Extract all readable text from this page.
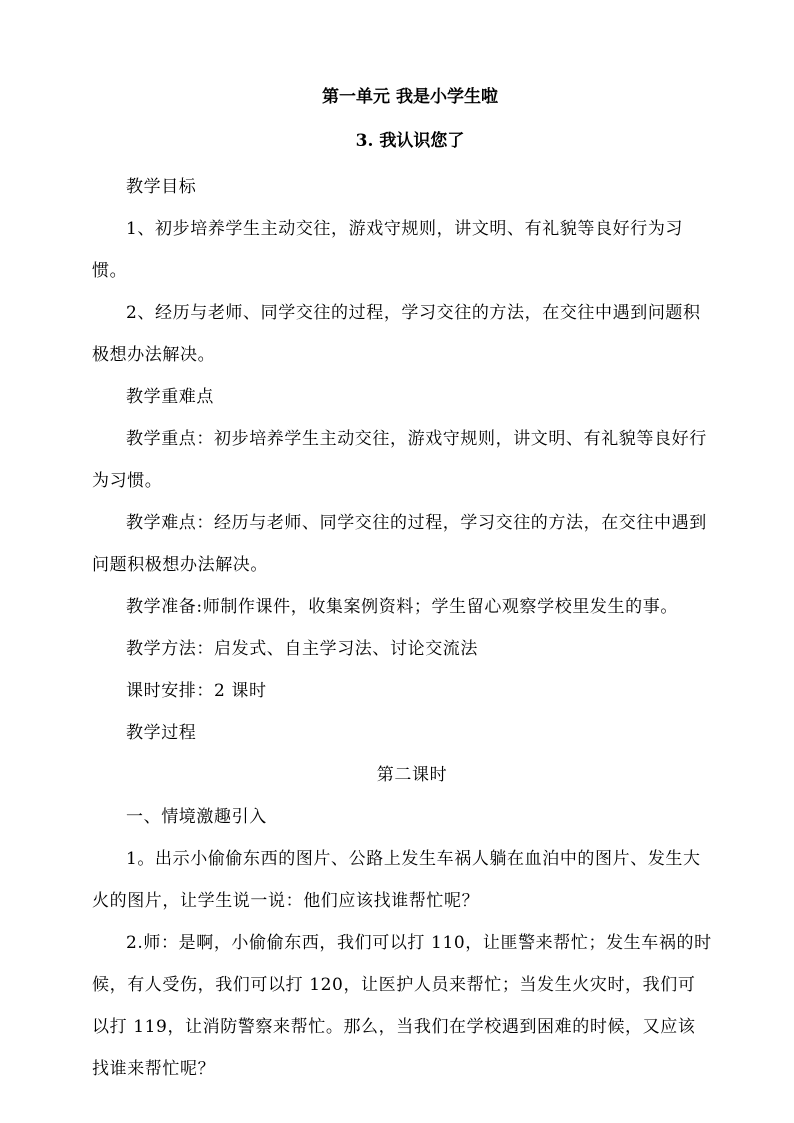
第一单元 我是小学生啦
3. 我认识您了

教学目标

1、初步培养学生主动交往，游戏守规则，讲文明、有礼貌等良好行为习惯。

2、经历与老师、同学交往的过程，学习交往的方法，在交往中遇到问题积极想办法解决。

教学重难点

教学重点：初步培养学生主动交往，游戏守规则，讲文明、有礼貌等良好行为习惯。

教学难点：经历与老师、同学交往的过程，学习交往的方法，在交往中遇到问题积极想办法解决。

教学准备:师制作课件，收集案例资料；学生留心观察学校里发生的事。

教学方法：启发式、自主学习法、讨论交流法

课时安排：2 课时

教学过程

第二课时

一、情境激趣引入

1。出示小偷偷东西的图片、公路上发生车祸人躺在血泊中的图片、发生大火的图片，让学生说一说：他们应该找谁帮忙呢？

2.师：是啊，小偷偷东西，我们可以打 110，让匪警来帮忙；发生车祸的时候，有人受伤，我们可以打 120，让医护人员来帮忙；当发生火灾时，我们可以打 119，让消防警察来帮忙。那么，当我们在学校遇到困难的时候，又应该找谁来帮忙呢？
